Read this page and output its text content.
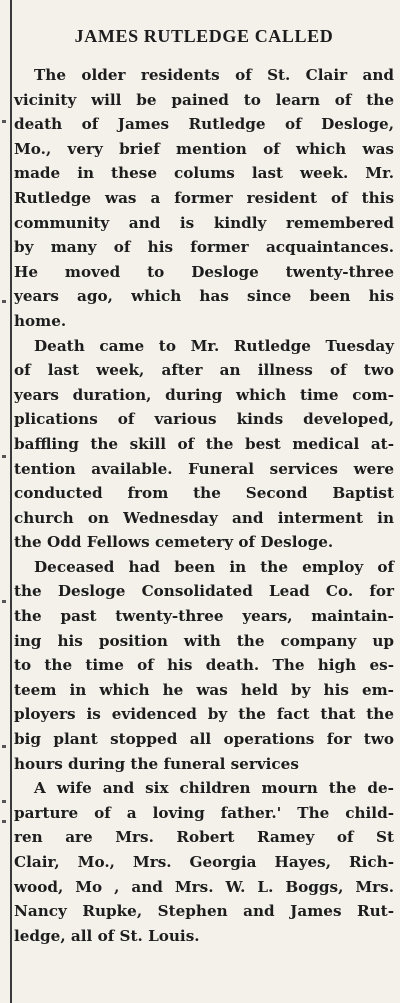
JAMES RUTLEDGE CALLED

The older residents of St. Clair and
vicinity will be pained to learn of the
death of James Rutledge of Desloge,
Mo., very brief mention of which was
made in these colums last week. Mr.
Rutledge was a former resident of this
community and is kindly remembered
by many of his former acquaintances.
He moved to Desloge twenty-three
years ago, which has since been his
home.

Death came to Mr. Rutledge Tuesday
of last week, after an illness of two
years duration, during which time com-
plications of various kinds developed,
baffling the skill of the best medical at-
tention available. Funeral services were
conducted from the Second Baptist
church on Wednesday and interment in
the Odd Fellows cemetery of Desloge.

Deceased had been in the employ of
the Desloge Consolidated Lead Co. for
the past twenty-three years, maintain-
ing his position with the company up
to the time of his death. The high es-
teem in which he was held by his em-
ployers is evidenced by the fact that the
big plant stopped all operations for two
hours during the funeral services

A wife and six children mourn the de-
parture of a loving father.' The child-
ren are Mrs. Robert Ramey of St
Clair, Mo., Mrs. Georgia Hayes, Rich-
wood, Mo , and Mrs. W. L. Boggs, Mrs.
Nancy Rupke, Stephen and James Rut-
ledge, all of St. Louis.
